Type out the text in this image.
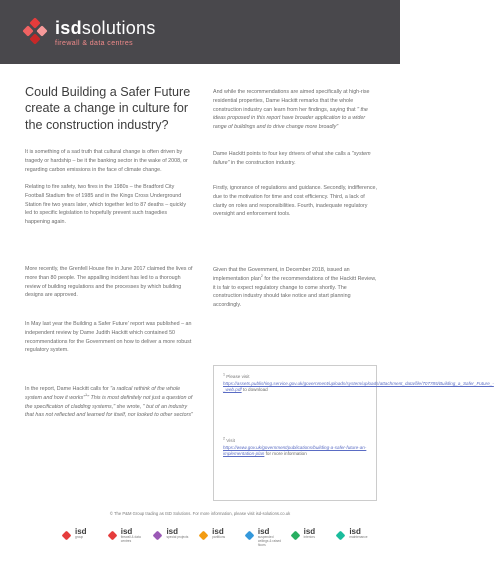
isdsolutions
firewall & data centres
Could Building a Safer Future create a change in culture for the construction industry?

It is something of a sad truth that cultural change is often driven by tragedy or hardship – be it the banking sector in the wake of 2008, or regarding carbon emissions in the face of climate change.

Relating to fire safety, two fires in the 1980s – the Bradford City Football Stadium fire of 1985 and in the Kings Cross Underground Station fire two years later, which together led to 87 deaths – quickly led to specific legislation to hopefully prevent such tragedies happening again.

More recently, the Grenfell House fire in June 2017 claimed the lives of more than 80 people. The appalling incident has led to a thorough review of building regulations and the processes by which building designs are approved.

In May last year the Building a Safer Future' report was published – an independent review by Dame Judith Hackitt which contained 50 recommendations for the Government on how to deliver a more robust regulatory system.

In the report, Dame Hackitt calls for "a radical rethink of the whole system and how it works"$^1$" This is most definitely not just a question of the specification of cladding systems," she wrote, " but of an industry that has not reflected and learned for itself, nor looked to other sectors"

And while the recommendations are aimed specifically at high-rise residential properties, Dame Hackitt remarks that the whole construction industry can learn from her findings, saying that " the ideas proposed in this report have broader application to a wider range of buildings and to drive change more broadly"

Dame Hackitt points to four key drivers of what she calls a "system failure" in the construction industry.

Firstly, ignorance of regulations and guidance. Secondly, indifference, due to the motivation for time and cost efficiency. Third, a lack of clarity on roles and responsibilities. Fourth, inadequate regulatory oversight and enforcement tools.

Given that the Government, in December 2018, issued an implementation plan$^2$ for the recommendations of the Hackitt Review, it is fair to expect regulatory change to come shortly. The construction industry should take notice and start planning accordingly.

$^1$ Please visit
https://assets.publishing.service.gov.uk/government/uploads/system/uploads/attachment_data/file/707785/Building_a_Safer_Future_-_web.pdf to download
$^2$ Visit
https://www.gov.uk/government/publications/building-a-safer-future-an-implementation-plan for more information
© The P&M Group trading as ISD Solutions. For more information, please visit isd-solutions.co.uk
isd
group
isd
firewall & data centres
isd
special projects
isd
partitions
isd
suspended ceilings & raised floors
isd
interiors
isd
maintenance
